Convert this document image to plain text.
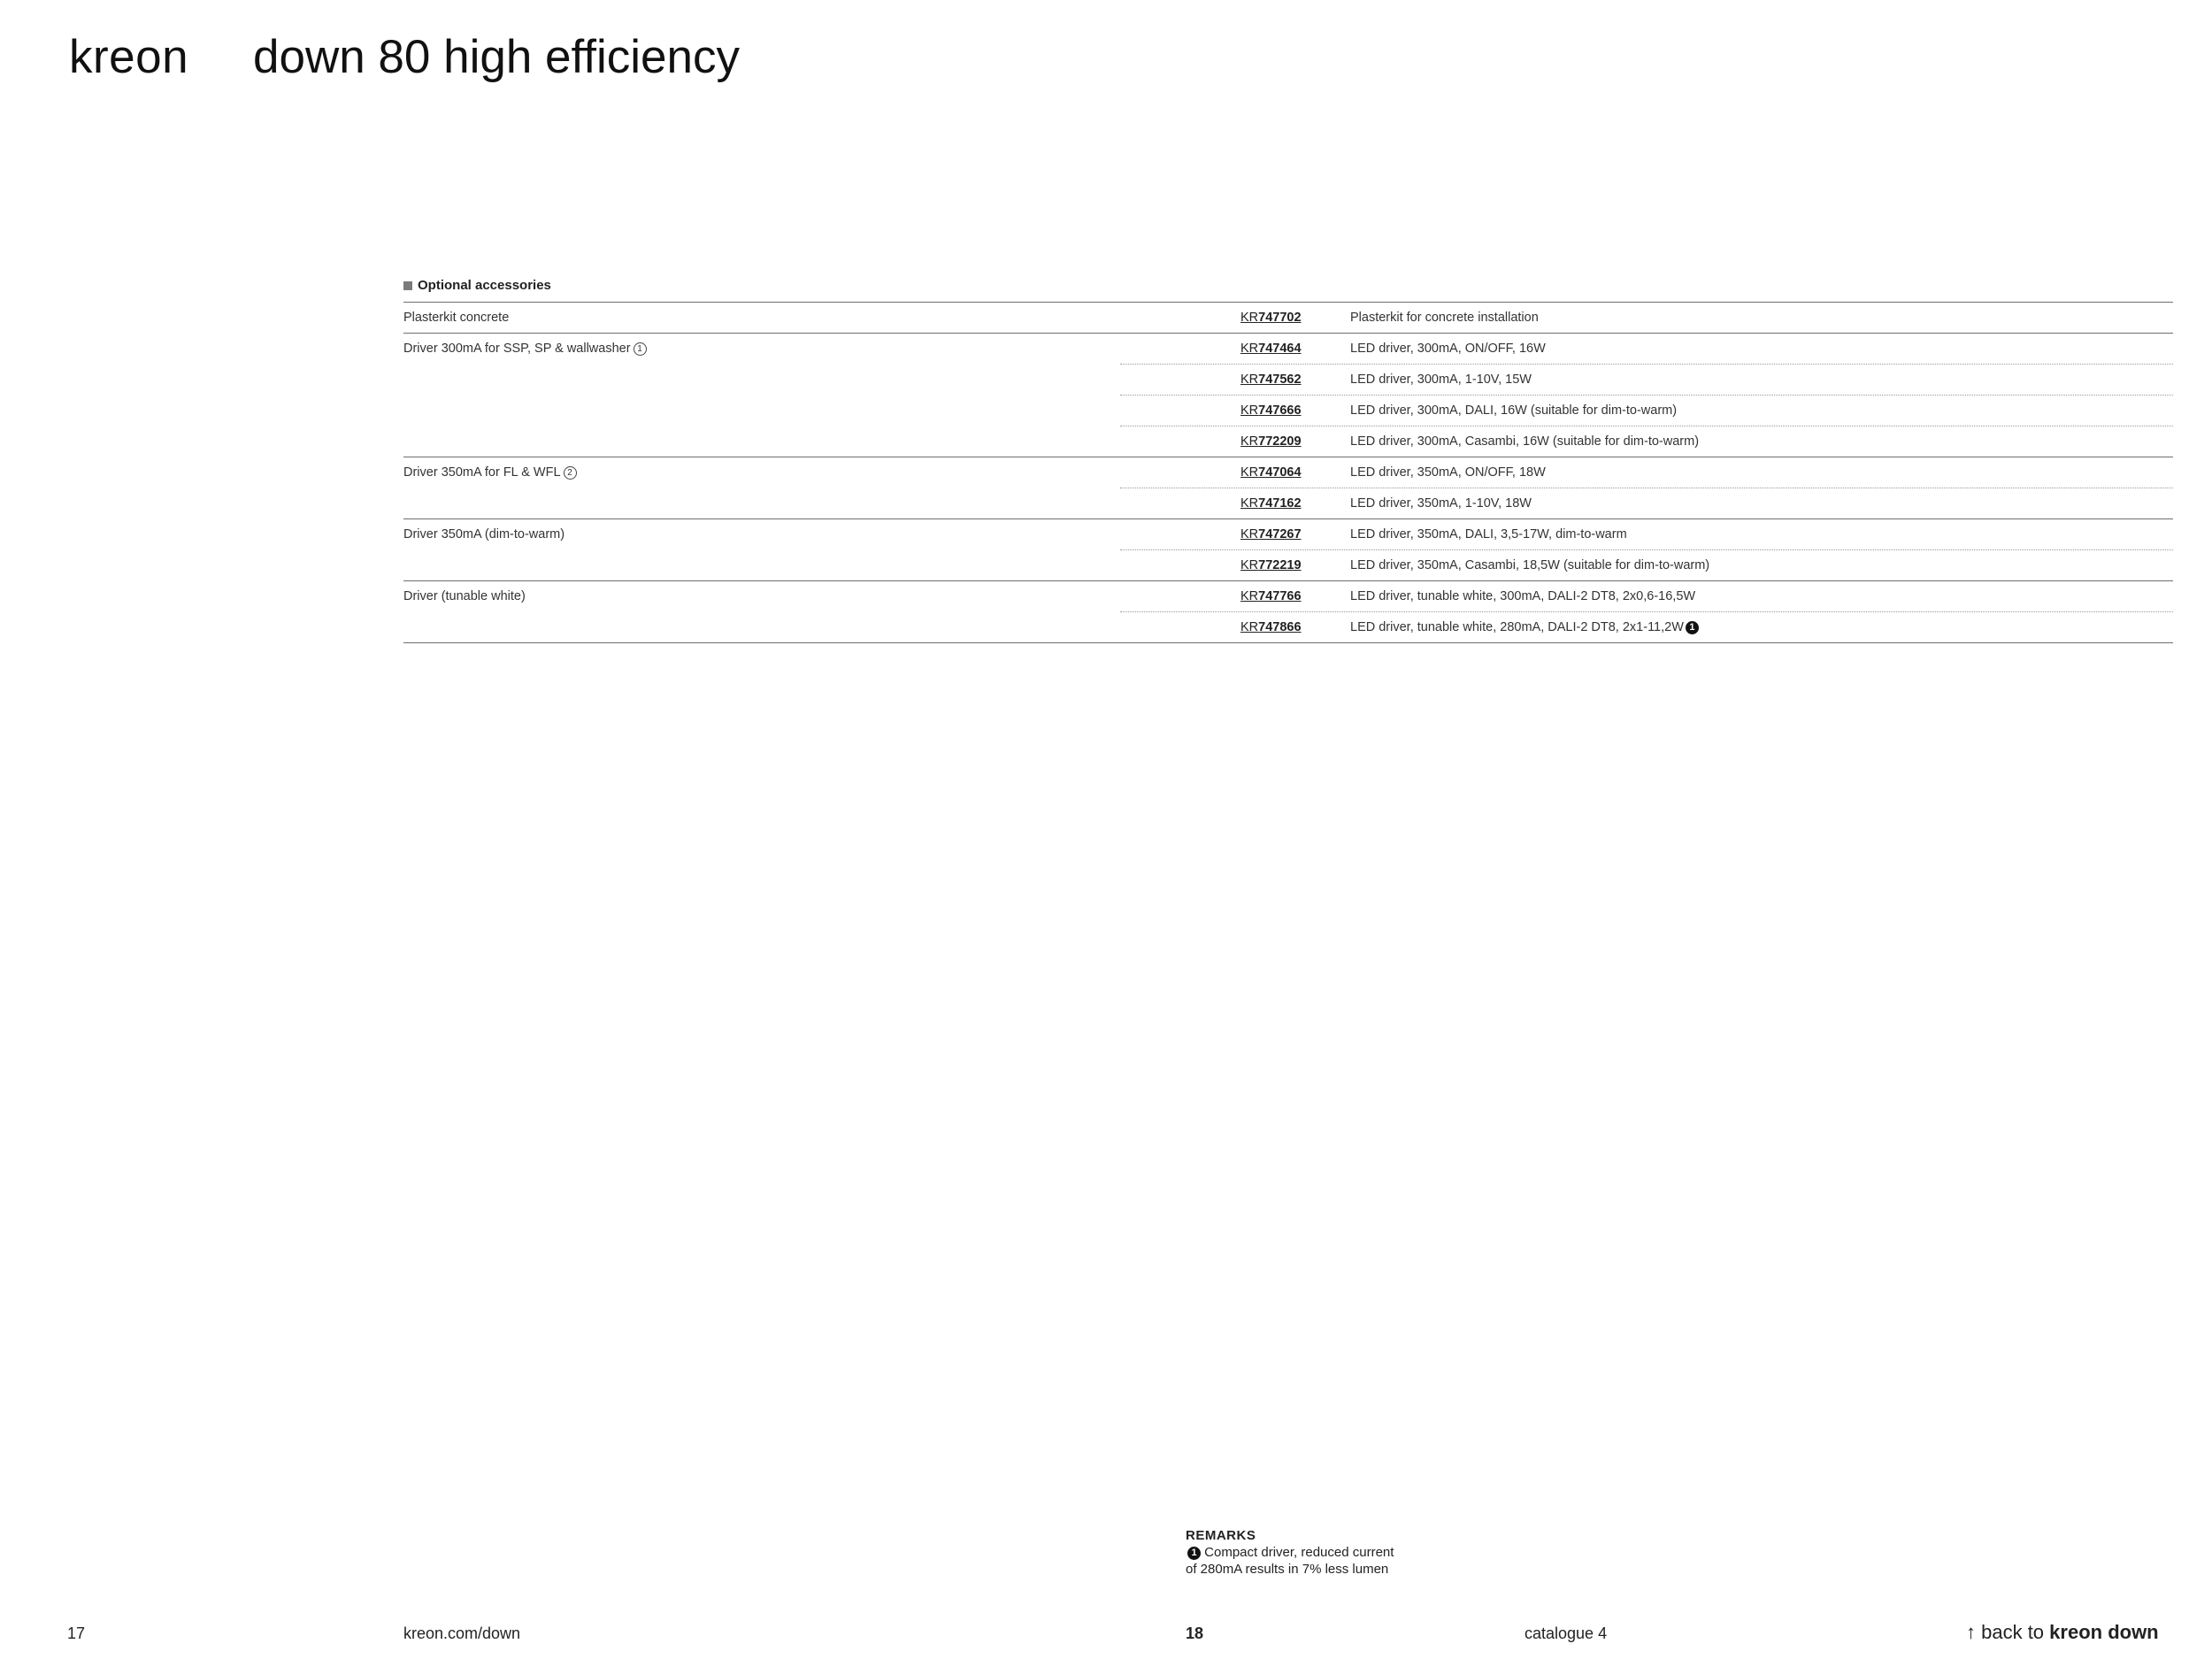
kreon down 80 high efficiency
Optional accessories
Plasterkit concrete	KR747702	Plasterkit for concrete installation
Driver 300mA for SSP, SP & wallwasher 1	KR747464	LED driver, 300mA, ON/OFF, 16W
KR747562	LED driver, 300mA, 1-10V, 15W
KR747666	LED driver, 300mA, DALI, 16W (suitable for dim-to-warm)
KR772209	LED driver, 300mA, Casambi, 16W (suitable for dim-to-warm)
Driver 350mA for FL & WFL 2	KR747064	LED driver, 350mA, ON/OFF, 18W
KR747162	LED driver, 350mA, 1-10V, 18W
Driver 350mA (dim-to-warm)	KR747267	LED driver, 350mA, DALI, 3,5-17W, dim-to-warm
KR772219	LED driver, 350mA, Casambi, 18,5W (suitable for dim-to-warm)
Driver (tunable white)	KR747766	LED driver, tunable white, 300mA, DALI-2 DT8, 2x0,6-16,5W
KR747866	LED driver, tunable white, 280mA, DALI-2 DT8, 2x1-11,2W 1
REMARKS
1 Compact driver, reduced current of 280mA results in 7% less lumen
17	kreon.com/down	18	catalogue 4	↑ back to kreon down
